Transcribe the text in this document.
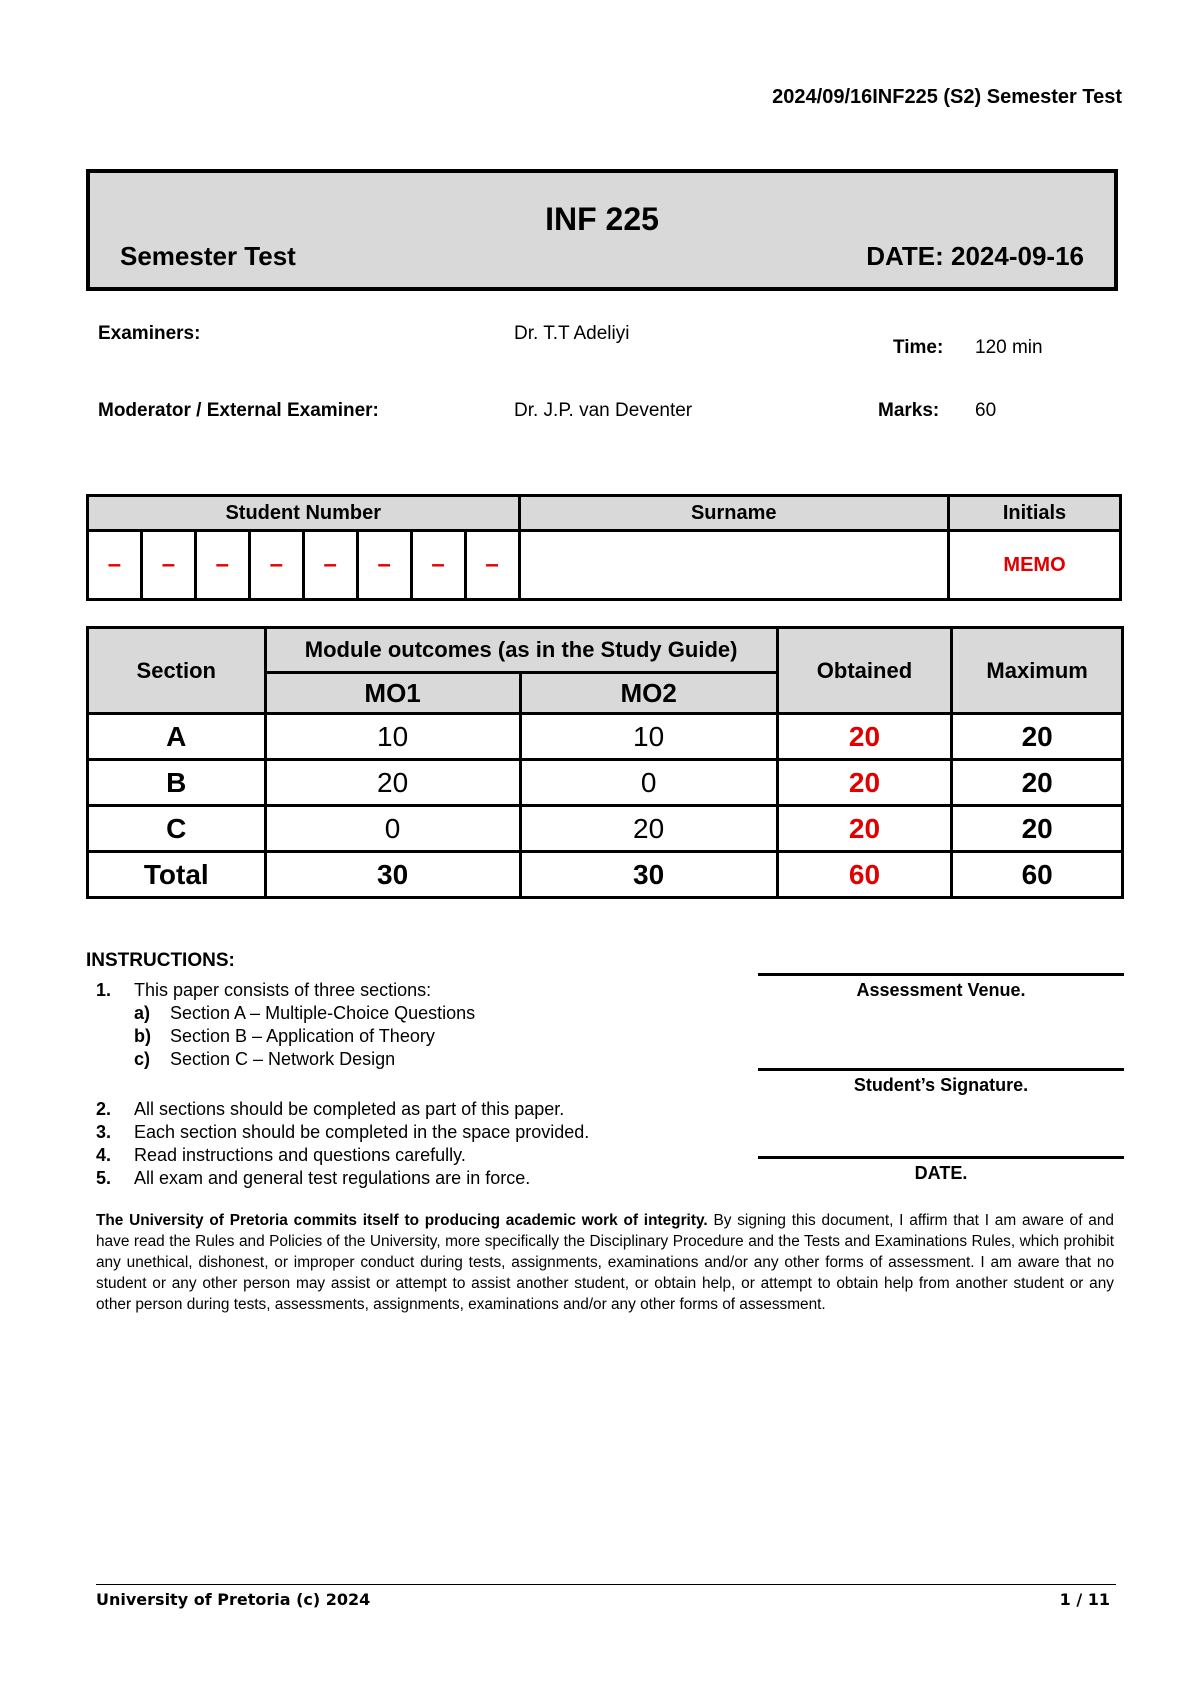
2024/09/16INF225 (S2) Semester Test
INF 225
Semester Test	DATE: 2024-09-16
Examiners:	Dr. T.T Adeliyi
Time: 120 min
Moderator / External Examiner:	Dr. J.P. van Deventer	Marks: 60
Student Number								Surname	Initials
–	–	–	–	–	–	–	–		MEMO
Section	Module outcomes (as in the Study Guide)		Obtained	Maximum
	MO1	MO2		
A	10	10	20	20
B	20	0	20	20
C	0	20	20	20
Total	30	30	60	60
INSTRUCTIONS:
1. This paper consists of three sections:
a) Section A – Multiple-Choice Questions
b) Section B – Application of Theory
c) Section C – Network Design
2. All sections should be completed as part of this paper.
3. Each section should be completed in the space provided.
4. Read instructions and questions carefully.
5. All exam and general test regulations are in force.
Assessment Venue.
Student’s Signature.
DATE.
The University of Pretoria commits itself to producing academic work of integrity. By signing this document, I affirm that I am aware of and have read the Rules and Policies of the University, more specifically the Disciplinary Procedure and the Tests and Examinations Rules, which prohibit any unethical, dishonest, or improper conduct during tests, assignments, examinations and/or any other forms of assessment. I am aware that no student or any other person may assist or attempt to assist another student, or obtain help, or attempt to obtain help from another student or any other person during tests, assessments, assignments, examinations and/or any other forms of assessment.
University of Pretoria (c) 2024	1 / 11
